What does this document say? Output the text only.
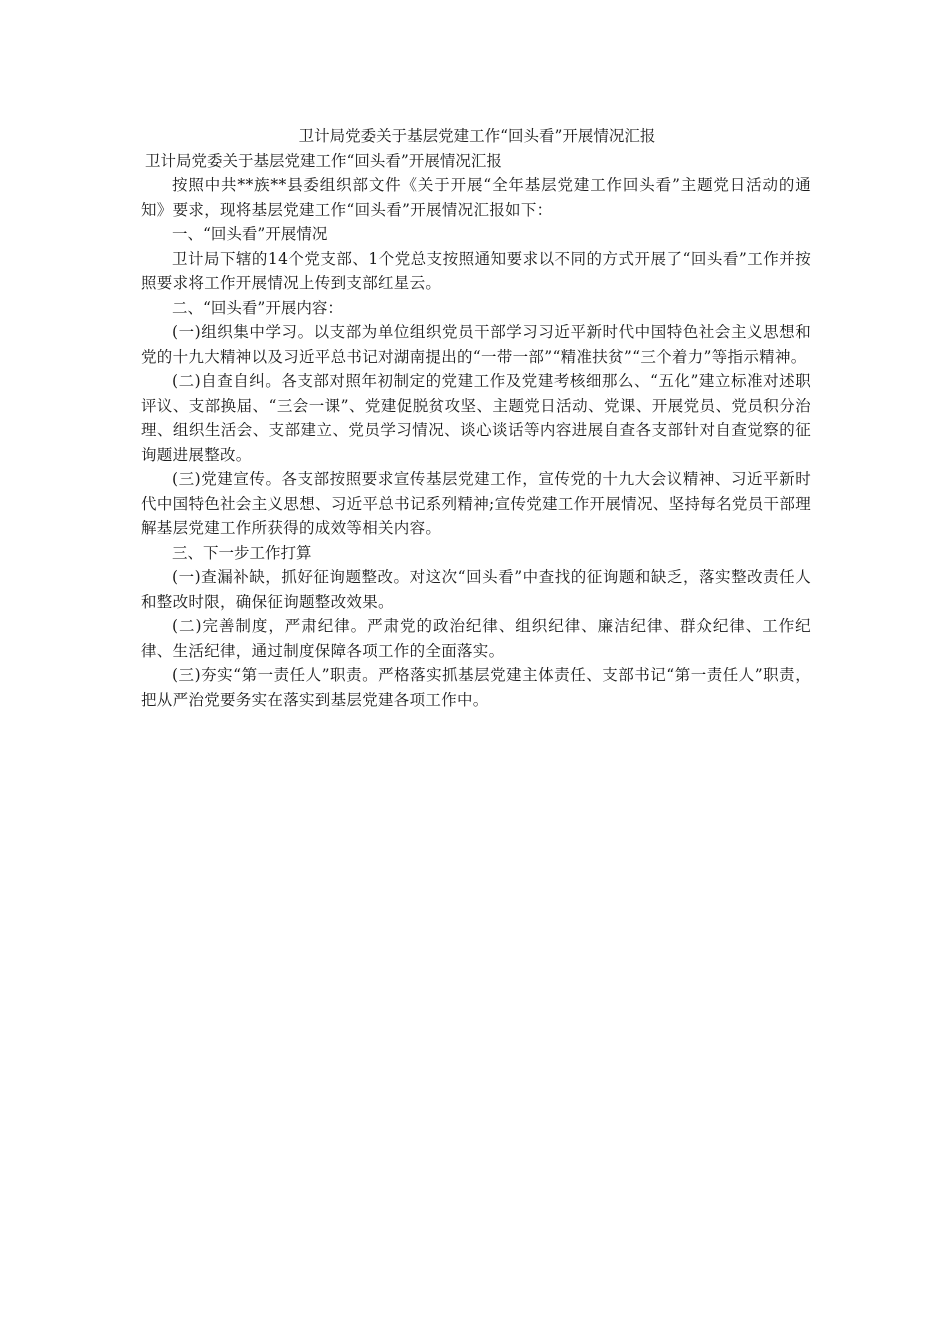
卫计局党委关于基层党建工作“回头看”开展情况汇报

卫计局党委关于基层党建工作“回头看”开展情况汇报

按照中共**族**县委组织部文件《关于开展“全年基层党建工作回头看”主题党日活动的通知》要求，现将基层党建工作“回头看”开展情况汇报如下：

一、“回头看”开展情况

卫计局下辖的14个党支部、1个党总支按照通知要求以不同的方式开展了“回头看”工作并按照要求将工作开展情况上传到支部红星云。

二、“回头看”开展内容：

(一)组织集中学习。以支部为单位组织党员干部学习习近平新时代中国特色社会主义思想和党的十九大精神以及习近平总书记对湖南提出的“一带一部”“精准扶贫”“三个着力”等指示精神。

(二)自查自纠。各支部对照年初制定的党建工作及党建考核细那么、“五化”建立标准对述职评议、支部换届、“三会一课”、党建促脱贫攻坚、主题党日活动、党课、开展党员、党员积分治理、组织生活会、支部建立、党员学习情况、谈心谈话等内容进展自查各支部针对自查觉察的征询题进展整改。

(三)党建宣传。各支部按照要求宣传基层党建工作，宣传党的十九大会议精神、习近平新时代中国特色社会主义思想、习近平总书记系列精神;宣传党建工作开展情况、坚持每名党员干部理解基层党建工作所获得的成效等相关内容。

三、下一步工作打算

(一)查漏补缺，抓好征询题整改。对这次“回头看”中查找的征询题和缺乏，落实整改责任人和整改时限，确保征询题整改效果。

(二)完善制度，严肃纪律。严肃党的政治纪律、组织纪律、廉洁纪律、群众纪律、工作纪律、生活纪律，通过制度保障各项工作的全面落实。

(三)夯实“第一责任人”职责。严格落实抓基层党建主体责任、支部书记“第一责任人”职责，把从严治党要务实在落实到基层党建各项工作中。
